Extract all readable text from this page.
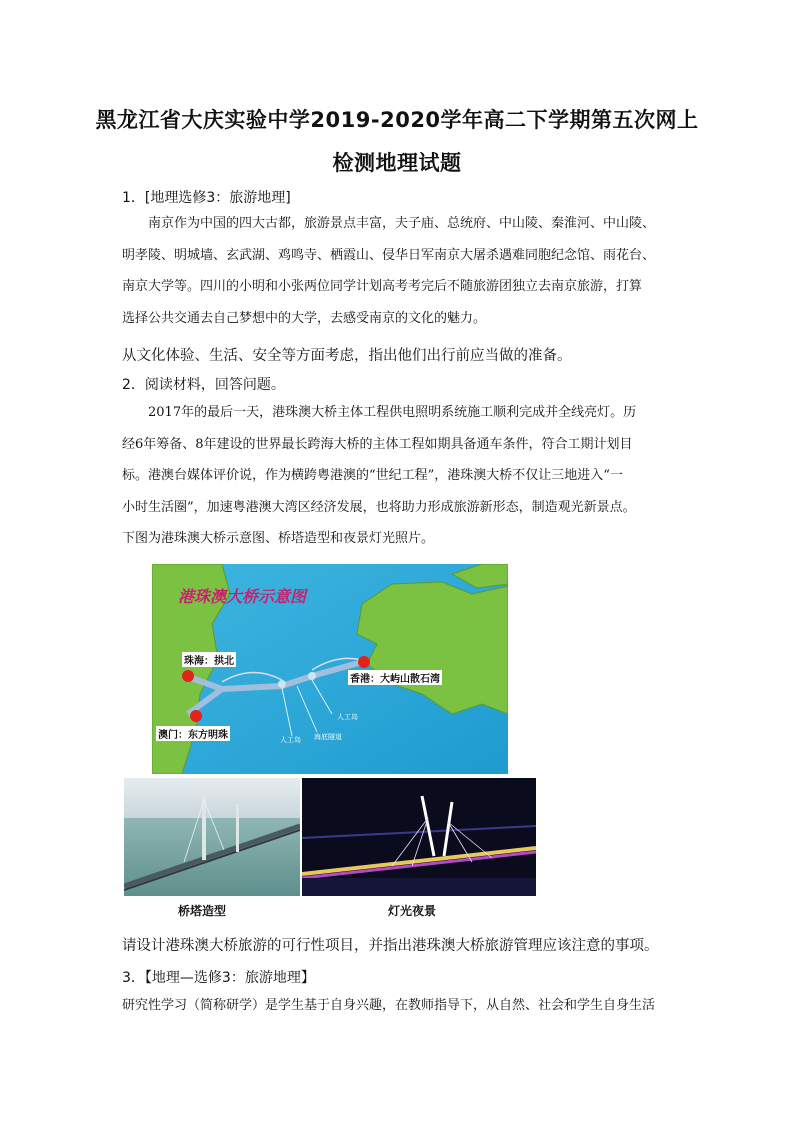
黑龙江省大庆实验中学2019-2020学年高二下学期第五次网上
检测地理试题
1．[地理选修3：旅游地理]
南京作为中国的四大古都，旅游景点丰富，夫子庙、总统府、中山陵、秦淮河、中山陵、
明孝陵、明城墙、玄武湖、鸡鸣寺、栖霞山、侵华日军南京大屠杀遇难同胞纪念馆、雨花台、
南京大学等。四川的小明和小张两位同学计划高考考完后不随旅游团独立去南京旅游，打算
选择公共交通去自己梦想中的大学，去感受南京的文化的魅力。
从文化体验、生活、安全等方面考虑，指出他们出行前应当做的准备。
2．阅读材料，回答问题。
2017年的最后一天，港珠澳大桥主体工程供电照明系统施工顺利完成并全线亮灯。历
经6年筹备、8年建设的世界最长跨海大桥的主体工程如期具备通车条件，符合工期计划目
标。港澳台媒体评价说，作为横跨粤港澳的“世纪工程”，港珠澳大桥不仅让三地进入“一
小时生活圈”，加速粤港澳大湾区经济发展，也将助力形成旅游新形态，制造观光新景点。
下图为港珠澳大桥示意图、桥塔造型和夜景灯光照片。
港珠澳大桥示意图
珠海：拱北
澳门：东方明珠
香港：大屿山散石湾
人工岛
人工岛 海底隧道
桥塔造型	灯光夜景
请设计港珠澳大桥旅游的可行性项目，并指出港珠澳大桥旅游管理应该注意的事项。
3．【地理—选修3：旅游地理】
研究性学习（简称研学）是学生基于自身兴趣，在教师指导下，从自然、社会和学生自身生活
